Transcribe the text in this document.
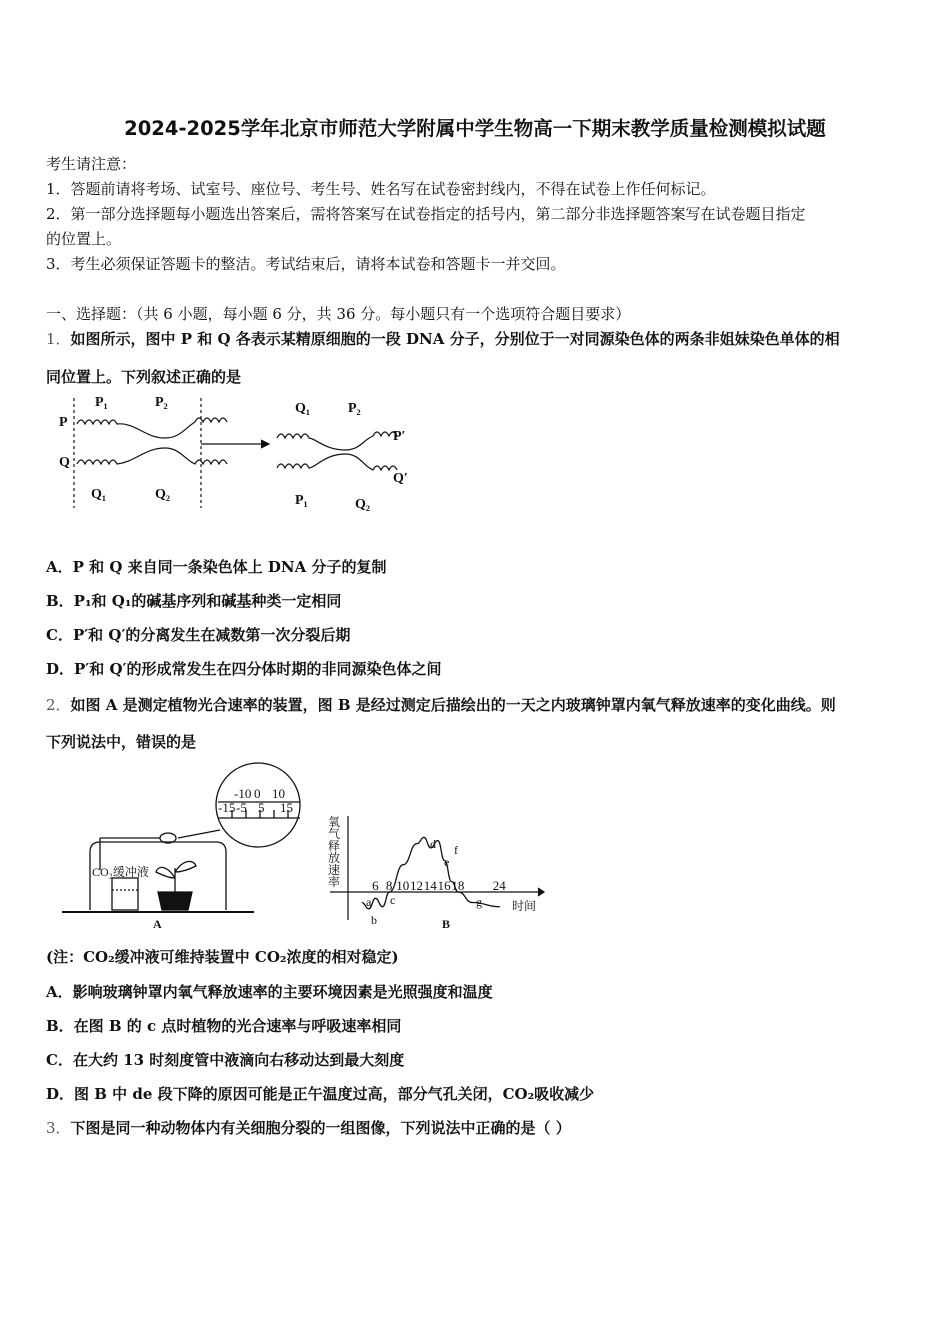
2024-2025学年北京市师范大学附属中学生物高一下期末教学质量检测模拟试题
考生请注意：
1．答题前请将考场、试室号、座位号、考生号、姓名写在试卷密封线内，不得在试卷上作任何标记。
2．第一部分选择题每小题选出答案后，需将答案写在试卷指定的括号内，第二部分非选择题答案写在试卷题目指定
的位置上。
3．考生必须保证答题卡的整洁。考试结束后，请将本试卷和答题卡一并交回。
一、选择题：（共 6 小题，每小题 6 分，共 36 分。每小题只有一个选项符合题目要求）
1．如图所示，图中 P 和 Q 各表示某精原细胞的一段 DNA 分子，分别位于一对同源染色体的两条非姐妹染色单体的相
同位置上。下列叙述正确的是
P
Q
P₁	P₂
Q₁	Q₂
Q₁	P₂
P′
Q′
P₁	Q₂
A．P 和 Q 来自同一条染色体上 DNA 分子的复制
B．P₁和 Q₁的碱基序列和碱基种类一定相同
C．P′和 Q′的分离发生在减数第一次分裂后期
D．P′和 Q′的形成常发生在四分体时期的非同源染色体之间
2．如图 A 是测定植物光合速率的装置，图 B 是经过测定后描绘出的一天之内玻璃钟罩内氧气释放速率的变化曲线。则
下列说法中，错误的是
-10 0 10
-15 -5 5 15
CO₂缓冲液
A
6 8 10 12 14 16 18 24
氧
气
释
放
速
率
时间
B
a
b
c
d
e
f
g
(注：CO₂缓冲液可维持装置中 CO₂浓度的相对稳定)
A．影响玻璃钟罩内氧气释放速率的主要环境因素是光照强度和温度
B．在图 B 的 c 点时植物的光合速率与呼吸速率相同
C．在大约 13 时刻度管中液滴向右移动达到最大刻度
D．图 B 中 de 段下降的原因可能是正午温度过高，部分气孔关闭，CO₂吸收减少
3．下图是同一种动物体内有关细胞分裂的一组图像，下列说法中正确的是（ ）
